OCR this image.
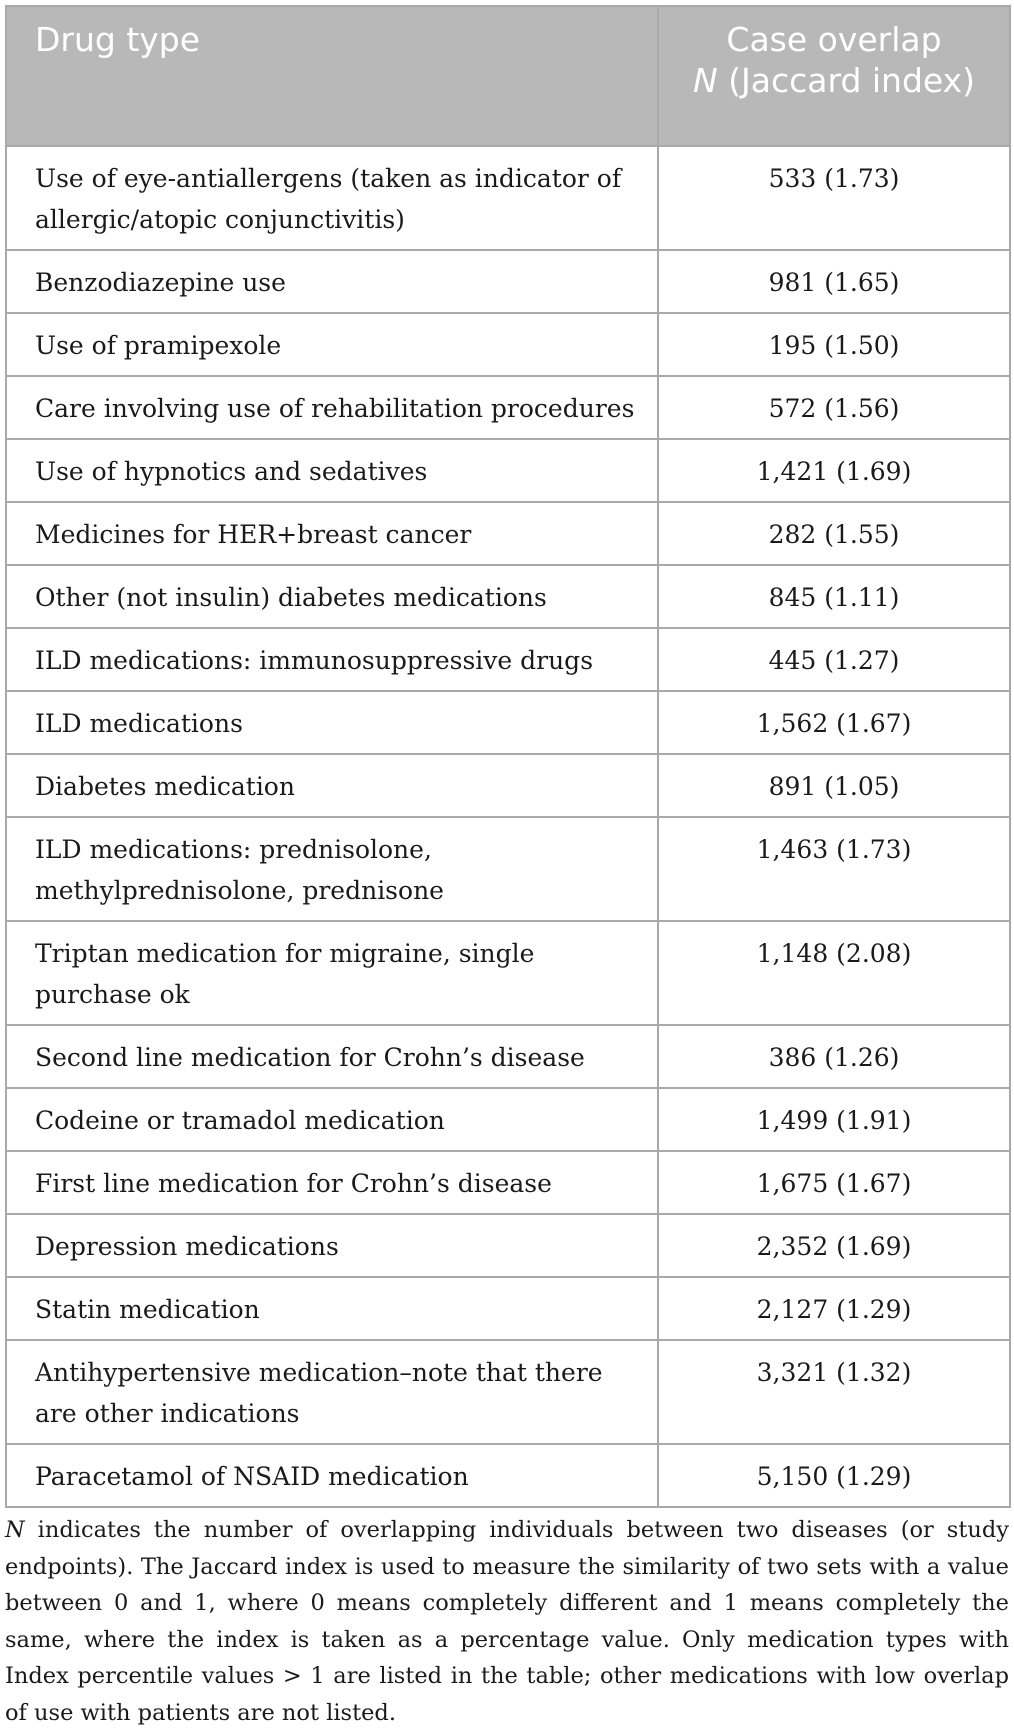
Drug type	Case overlap
N (Jaccard index)
Use of eye-antiallergens (taken as indicator of allergic/atopic conjunctivitis)	533 (1.73)
Benzodiazepine use	981 (1.65)
Use of pramipexole	195 (1.50)
Care involving use of rehabilitation procedures	572 (1.56)
Use of hypnotics and sedatives	1,421 (1.69)
Medicines for HER+breast cancer	282 (1.55)
Other (not insulin) diabetes medications	845 (1.11)
ILD medications: immunosuppressive drugs	445 (1.27)
ILD medications	1,562 (1.67)
Diabetes medication	891 (1.05)
ILD medications: prednisolone, methylprednisolone, prednisone	1,463 (1.73)
Triptan medication for migraine, single purchase ok	1,148 (2.08)
Second line medication for Crohn’s disease	386 (1.26)
Codeine or tramadol medication	1,499 (1.91)
First line medication for Crohn’s disease	1,675 (1.67)
Depression medications	2,352 (1.69)
Statin medication	2,127 (1.29)
Antihypertensive medication–note that there are other indications	3,321 (1.32)
Paracetamol of NSAID medication	5,150 (1.29)
N indicates the number of overlapping individuals between two diseases (or study endpoints). The Jaccard index is used to measure the similarity of two sets with a value between 0 and 1, where 0 means completely different and 1 means completely the same, where the index is taken as a percentage value. Only medication types with Index percentile values > 1 are listed in the table; other medications with low overlap of use with patients are not listed.
